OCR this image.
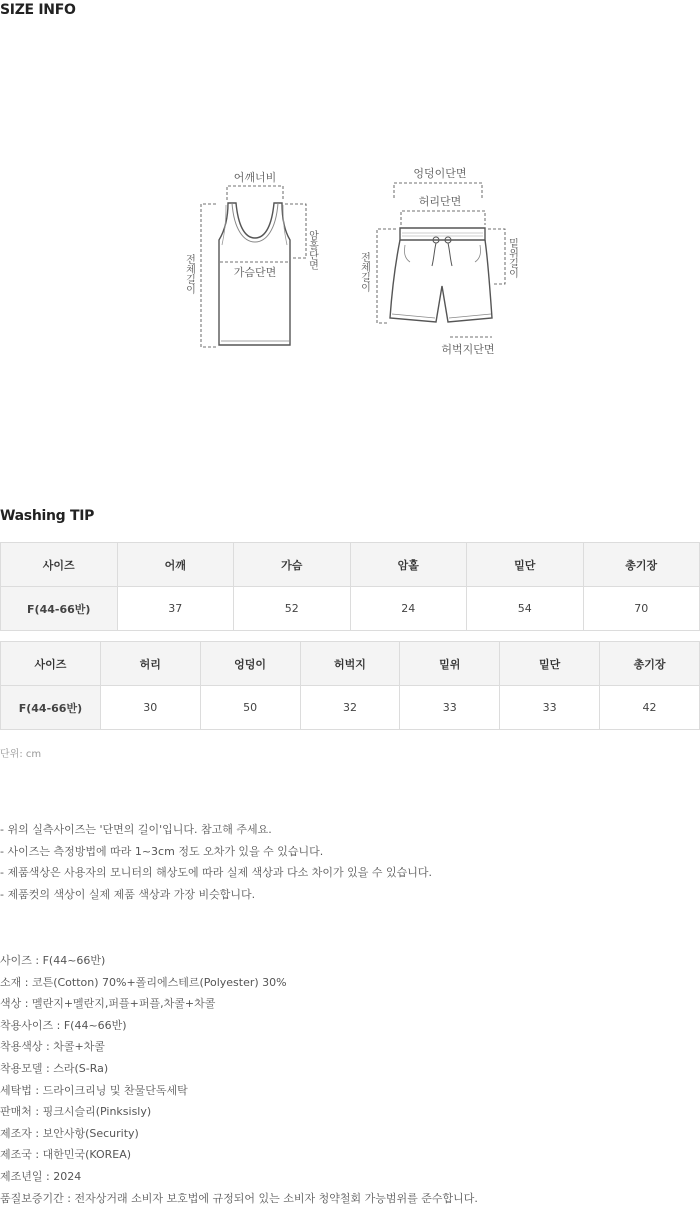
SIZE INFO
어깨너비
가슴단면
암홀단면
전체길이
엉덩이단면
허리단면
밑위길이
전체길이
허벅지단면
Washing TIP
사이즈	어깨	가슴	암홀	밑단	총기장
F(44-66반)	37	52	24	54	70
사이즈	허리	엉덩이	허벅지	밑위	밑단	총기장
F(44-66반)	30	50	32	33	33	42
단위: cm
- 위의 실측사이즈는 '단면의 길이'입니다. 참고해 주세요.
- 사이즈는 측정방법에 따라 1~3cm 정도 오차가 있을 수 있습니다.
- 제품색상은 사용자의 모니터의 해상도에 따라 실제 색상과 다소 차이가 있을 수 있습니다.
- 제품컷의 색상이 실제 제품 색상과 가장 비슷합니다.
사이즈 : F(44~66반)
소재 : 코튼(Cotton) 70%+폴리에스테르(Polyester) 30%
색상 : 멜란지+멜란지,퍼플+퍼플,차콜+차콜
착용사이즈 : F(44~66반)
착용색상 : 차콜+차콜
착용모델 : 스라(S-Ra)
세탁법 : 드라이크리닝 및 찬물단독세탁
판매처 : 핑크시슬리(Pinksisly)
제조자 : 보안사항(Security)
제조국 : 대한민국(KOREA)
제조년일 : 2024
품질보증기간 : 전자상거래 소비자 보호법에 규정되어 있는 소비자 청약철회 가능범위를 준수합니다.
